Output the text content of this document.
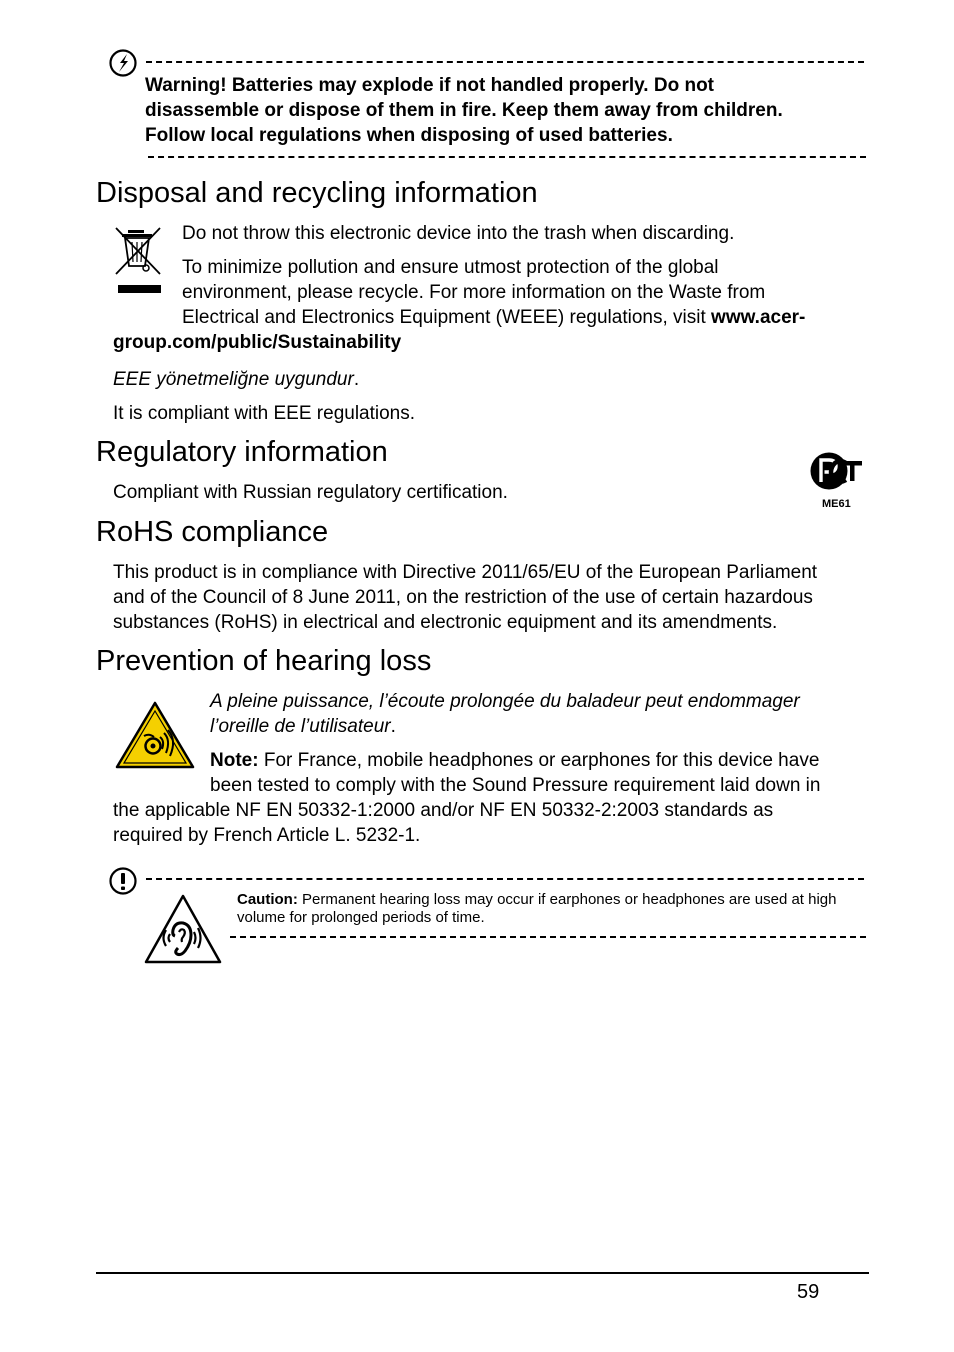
Warning! Batteries may explode if not handled properly. Do not
disassemble or dispose of them in fire. Keep them away from children.
Follow local regulations when disposing of used batteries.
Disposal and recycling information
Do not throw this electronic device into the trash when discarding.
To minimize pollution and ensure utmost protection of the global
environment, please recycle. For more information on the Waste from
Electrical and Electronics Equipment (WEEE) regulations, visit www.acer-
group.com/public/Sustainability
EEE yönetmeliğne uygundur.
It is compliant with EEE regulations.
Regulatory information
Compliant with Russian regulatory certification.
ME61
RoHS compliance
This product is in compliance with Directive 2011/65/EU of the European Parliament
and of the Council of 8 June 2011, on the restriction of the use of certain hazardous
substances (RoHS) in electrical and electronic equipment and its amendments.
Prevention of hearing loss
A pleine puissance, l’écoute prolongée du baladeur peut endommager
l’oreille de l’utilisateur.
Note: For France, mobile headphones or earphones for this device have
been tested to comply with the Sound Pressure requirement laid down in
the applicable NF EN 50332-1:2000 and/or NF EN 50332-2:2003 standards as
required by French Article L. 5232-1.
Caution: Permanent hearing loss may occur if earphones or headphones are used at high
volume for prolonged periods of time.
59
